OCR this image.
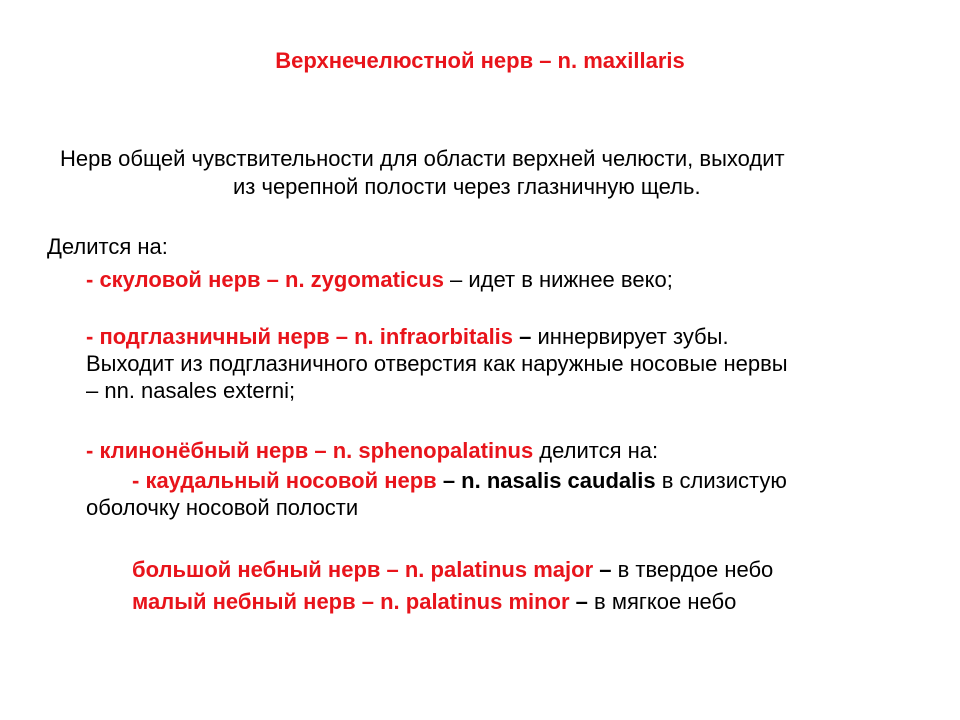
Верхнечелюстной нерв – n. maxillaris
Нерв общей чувствительности для области верхней челюсти, выходит
из черепной полости через глазничную щель.
Делится на:
- скуловой нерв – n. zygomaticus – идет в нижнее веко;
- подглазничный нерв – n. infraorbitalis – иннервирует зубы.
Выходит из подглазничного отверстия как наружные носовые нервы
– nn. nasales externi;
- клинонёбный нерв – n. sphenopalatinus делится на:
- каудальный носовой нерв – n. nasalis caudalis в слизистую
оболочку носовой полости
большой небный нерв – n. palatinus major – в твердое небо
малый небный нерв – n. palatinus minor – в мягкое небо
